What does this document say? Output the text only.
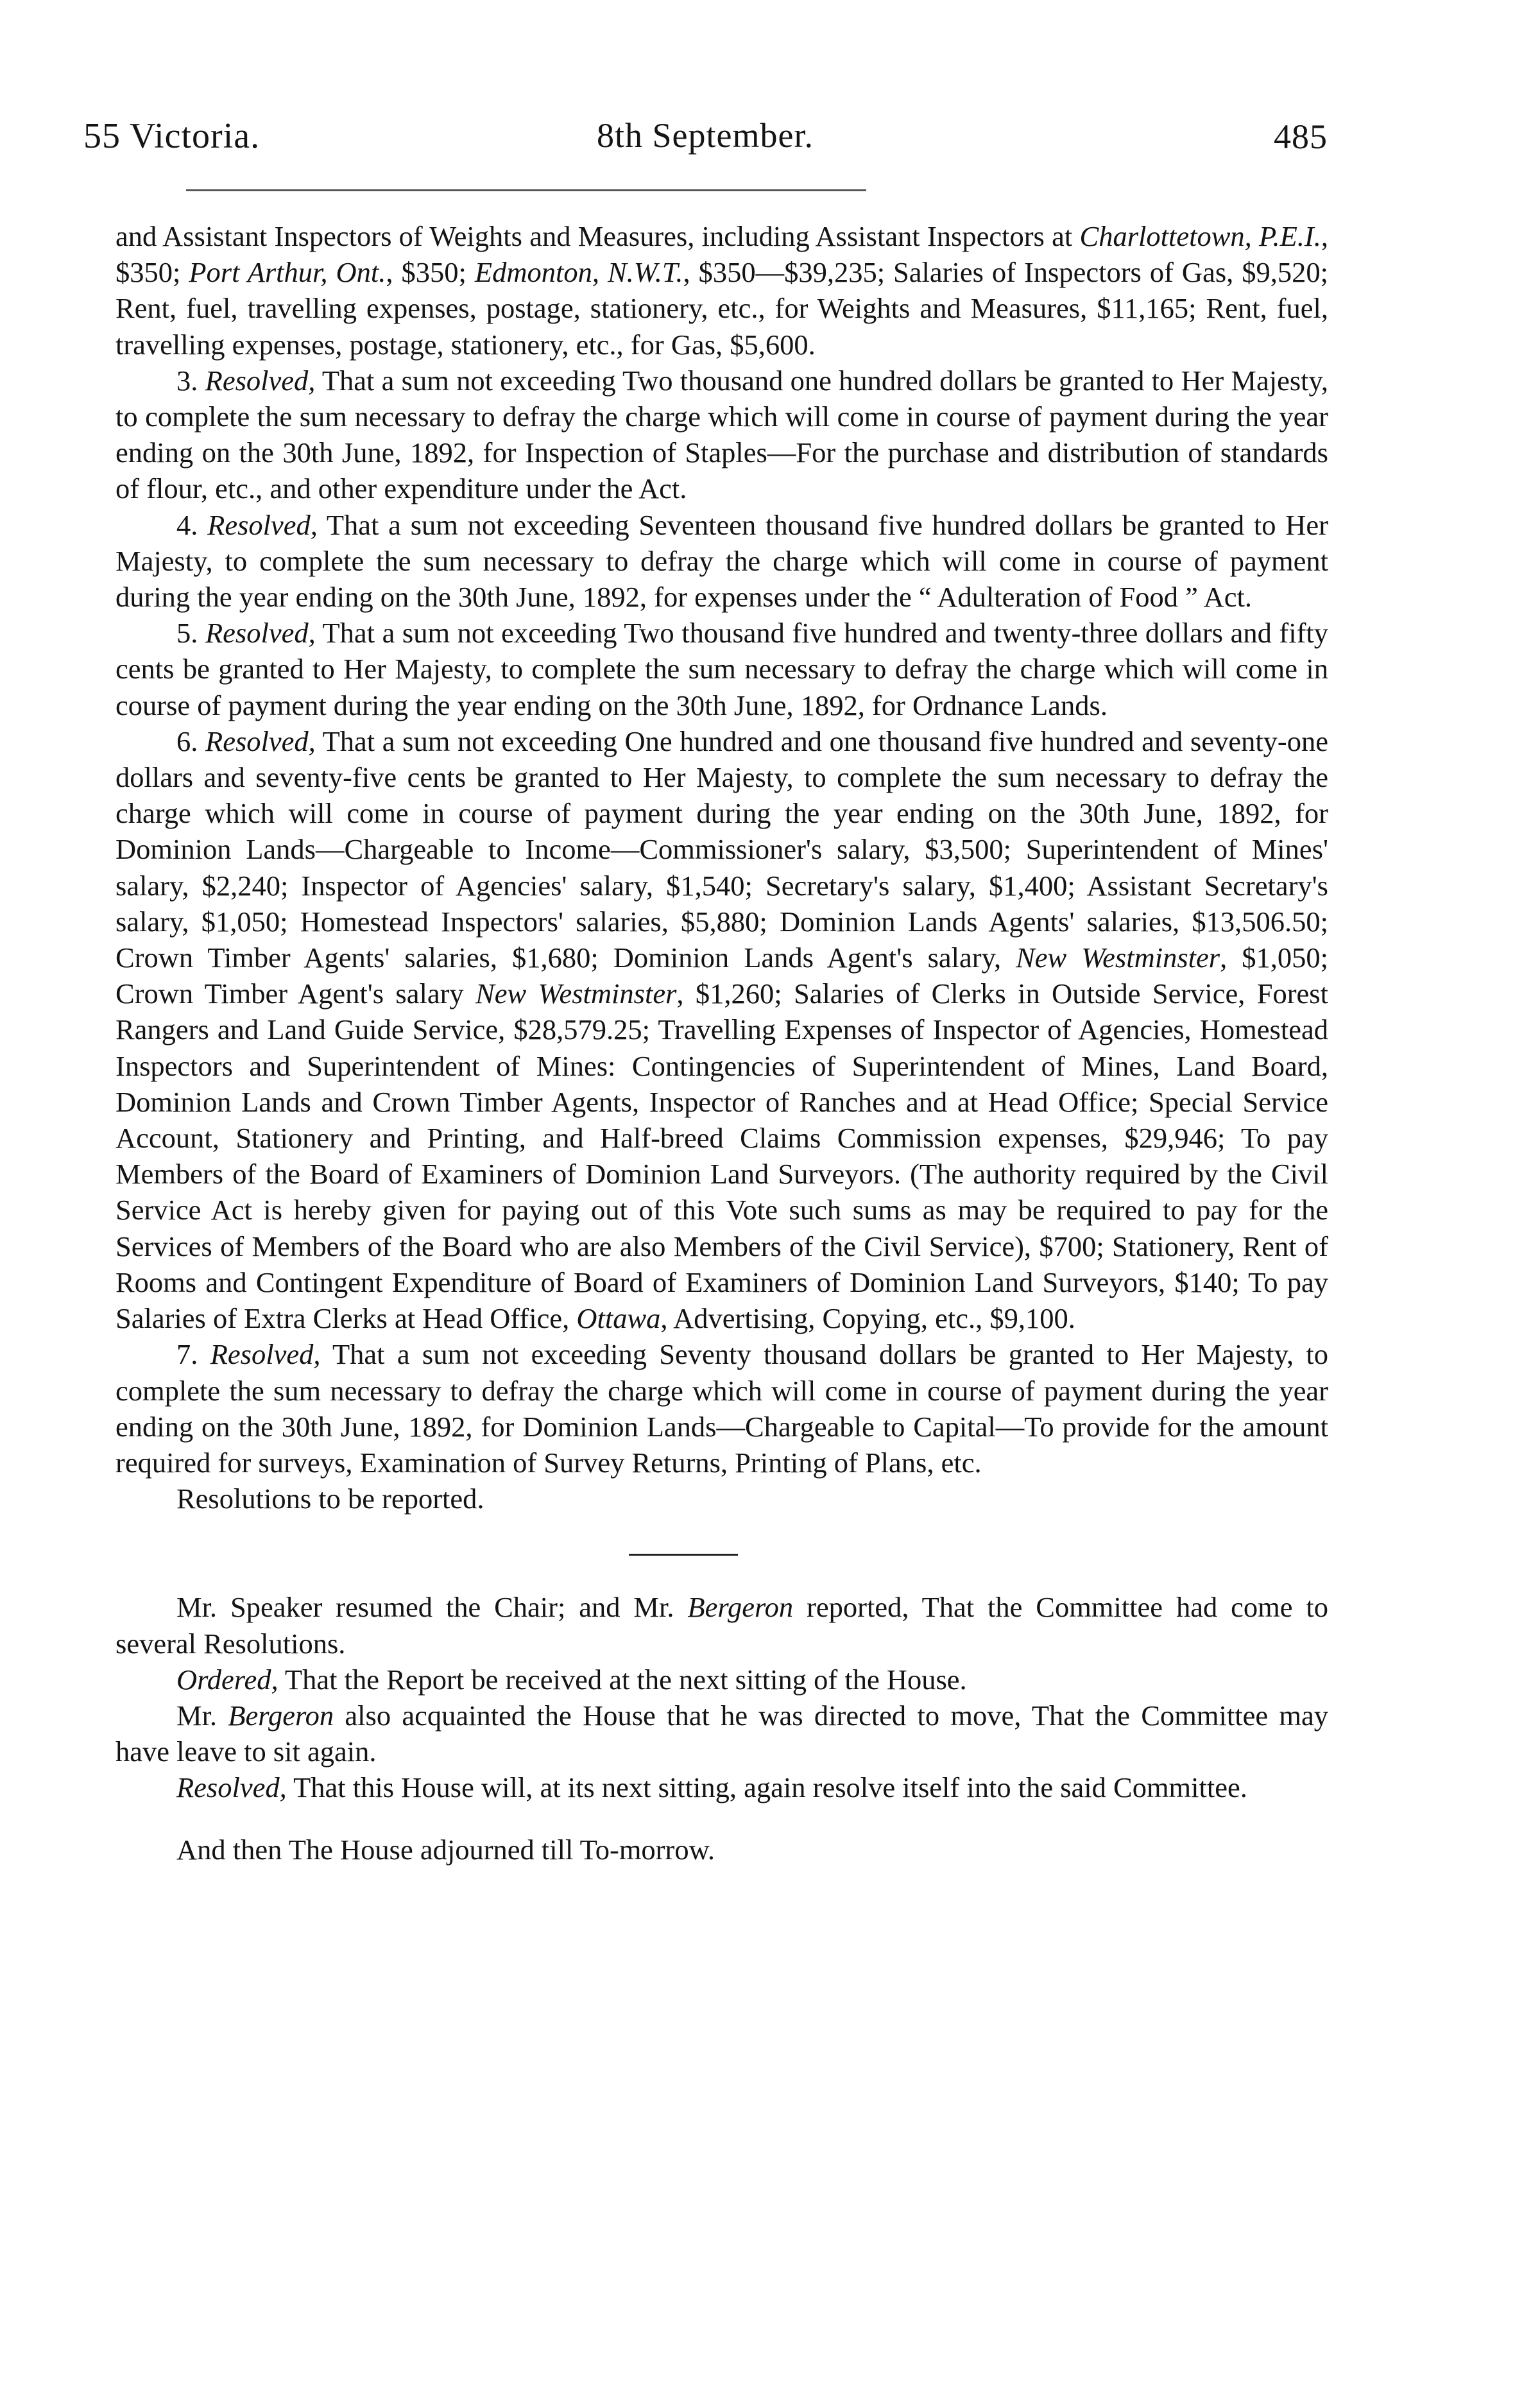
55 Victoria.	8th September.	485

and Assistant Inspectors of Weights and Measures, including Assistant Inspectors at Charlottetown, P.E.I., $350; Port Arthur, Ont., $350; Edmonton, N.W.T., $350—$39,235; Salaries of Inspectors of Gas, $9,520; Rent, fuel, travelling expenses, postage, stationery, etc., for Weights and Measures, $11,165; Rent, fuel, travelling expenses, postage, stationery, etc., for Gas, $5,600.

3. Resolved, That a sum not exceeding Two thousand one hundred dollars be granted to Her Majesty, to complete the sum necessary to defray the charge which will come in course of payment during the year ending on the 30th June, 1892, for Inspection of Staples—For the purchase and distribution of standards of flour, etc., and other expenditure under the Act.

4. Resolved, That a sum not exceeding Seventeen thousand five hundred dollars be granted to Her Majesty, to complete the sum necessary to defray the charge which will come in course of payment during the year ending on the 30th June, 1892, for expenses under the “ Adulteration of Food ” Act.

5. Resolved, That a sum not exceeding Two thousand five hundred and twenty-three dollars and fifty cents be granted to Her Majesty, to complete the sum necessary to defray the charge which will come in course of payment during the year ending on the 30th June, 1892, for Ordnance Lands.

6. Resolved, That a sum not exceeding One hundred and one thousand five hundred and seventy-one dollars and seventy-five cents be granted to Her Majesty, to complete the sum necessary to defray the charge which will come in course of payment during the year ending on the 30th June, 1892, for Dominion Lands—Chargeable to Income—Commissioner's salary, $3,500; Superintendent of Mines' salary, $2,240; Inspector of Agencies' salary, $1,540; Secretary's salary, $1,400; Assistant Secretary's salary, $1,050; Homestead Inspectors' salaries, $5,880; Dominion Lands Agents' salaries, $13,506.50; Crown Timber Agents' salaries, $1,680; Dominion Lands Agent's salary, New Westminster, $1,050; Crown Timber Agent's salary New Westminster, $1,260; Salaries of Clerks in Outside Service, Forest Rangers and Land Guide Service, $28,579.25; Travelling Expenses of Inspector of Agencies, Homestead Inspectors and Superintendent of Mines: Contingencies of Superintendent of Mines, Land Board, Dominion Lands and Crown Timber Agents, Inspector of Ranches and at Head Office; Special Service Account, Stationery and Printing, and Half-breed Claims Commission expenses, $29,946; To pay Members of the Board of Examiners of Dominion Land Surveyors. (The authority required by the Civil Service Act is hereby given for paying out of this Vote such sums as may be required to pay for the Services of Members of the Board who are also Members of the Civil Service), $700; Stationery, Rent of Rooms and Contingent Expenditure of Board of Examiners of Dominion Land Surveyors, $140; To pay Salaries of Extra Clerks at Head Office, Ottawa, Advertising, Copying, etc., $9,100.

7. Resolved, That a sum not exceeding Seventy thousand dollars be granted to Her Majesty, to complete the sum necessary to defray the charge which will come in course of payment during the year ending on the 30th June, 1892, for Dominion Lands—Chargeable to Capital—To provide for the amount required for surveys, Examination of Survey Returns, Printing of Plans, etc.

Resolutions to be reported.

Mr. Speaker resumed the Chair; and Mr. Bergeron reported, That the Committee had come to several Resolutions.

Ordered, That the Report be received at the next sitting of the House.

Mr. Bergeron also acquainted the House that he was directed to move, That the Committee may have leave to sit again.

Resolved, That this House will, at its next sitting, again resolve itself into the said Committee.

And then The House adjourned till To-morrow.
